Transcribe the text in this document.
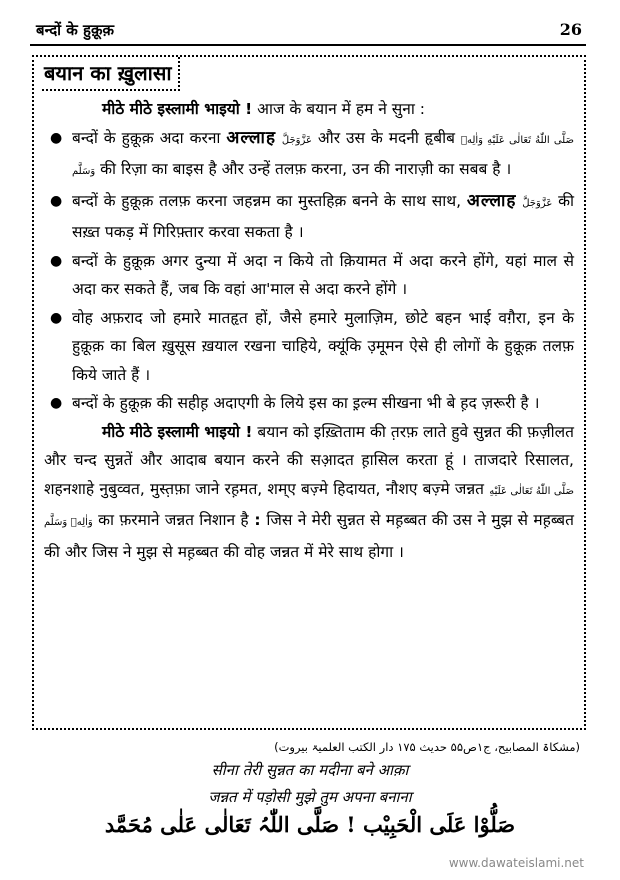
बन्दों के हुक़ूक़	26
बयान का ख़ुलासा

मीठे मीठे इस्लामी भाइयो ! आज के बयान में हम ने सुना :

● बन्दों के हुक़ूक़ अदा करना अल्लाह عَزَّوَجَلَّ और उस के मदनी हृबीब صَلَّى اللّٰهُ تَعَالٰى عَلَيْهِ وَاٰلِهٖ وَسَلَّم की रिज़ा का बाइस है और उन्हें तलफ़ करना, उन की नाराज़ी का सबब है ।
● बन्दों के हुक़ूक़ तलफ़ करना जहन्नम का मुस्तहिक़ बनने के साथ साथ, अल्लाह عَزَّوَجَلَّ की सख़्त पकड़ में गिरिफ़्तार करवा सकता है ।
● बन्दों के हुक़ूक़ अगर दुन्या में अदा न किये तो क़ियामत में अदा करने होंगे, यहां माल से अदा कर सकते हैं, जब कि वहां आ'माल से अदा करने होंगे ।
● वोह अफ़राद जो हमारे मातहृत हों, जैसे हमारे मुलाज़िम, छोटे बहन भाई वग़ैरा, इन के हुक़ूक़ का बिल ख़ुसूस ख़याल रखना चाहिये, क्यूंकि उ़मूमन ऐसे ही लोगों के हुक़ूक़ तलफ़ किये जाते हैं ।
● बन्दों के हुक़ूक़ की सहीह़ अदाएगी के लिये इस का इ़ल्म सीखना भी बे ह़द ज़रूरी है ।

मीठे मीठे इस्लामी भाइयो ! बयान को इख़्तिताम की त़रफ़ लाते हुवे सुन्नत की फ़ज़ीलत और चन्द सुन्नतें और आदाब बयान करने की सआ़दत ह़ासिल करता हूं । ताजदारे रिसालत, शहनशाहे नुबुव्वत, मुस्त़फ़ा जाने रह़मत, शम्ए बज़्मे हिदायत, नौशए बज़्मे जन्नत صَلَّى اللّٰهُ تَعَالٰى عَلَيْهِ وَاٰلِهٖ وَسَلَّم का फ़रमाने जन्नत निशान है : जिस ने मेरी सुन्नत से मह़ब्बत की उस ने मुझ से मह़ब्बत की और जिस ने मुझ से मह़ब्बत की वोह जन्नत में मेरे साथ होगा ।

(مشکاۃ المصابیح، ج۱ص۵۵ حدیث ۱۷۵ دار الکتب العلمیۃ بیروت)
सीना तेरी सुन्नत का मदीना बने आक़ा
जन्नत में पड़ोसी मुझे तुम अपना बनाना
صَلُّوْا عَلَی الْحَبِیْب ! صَلَّی اللّٰہُ تَعَالٰی عَلٰی مُحَمَّد
www.dawateislami.net
